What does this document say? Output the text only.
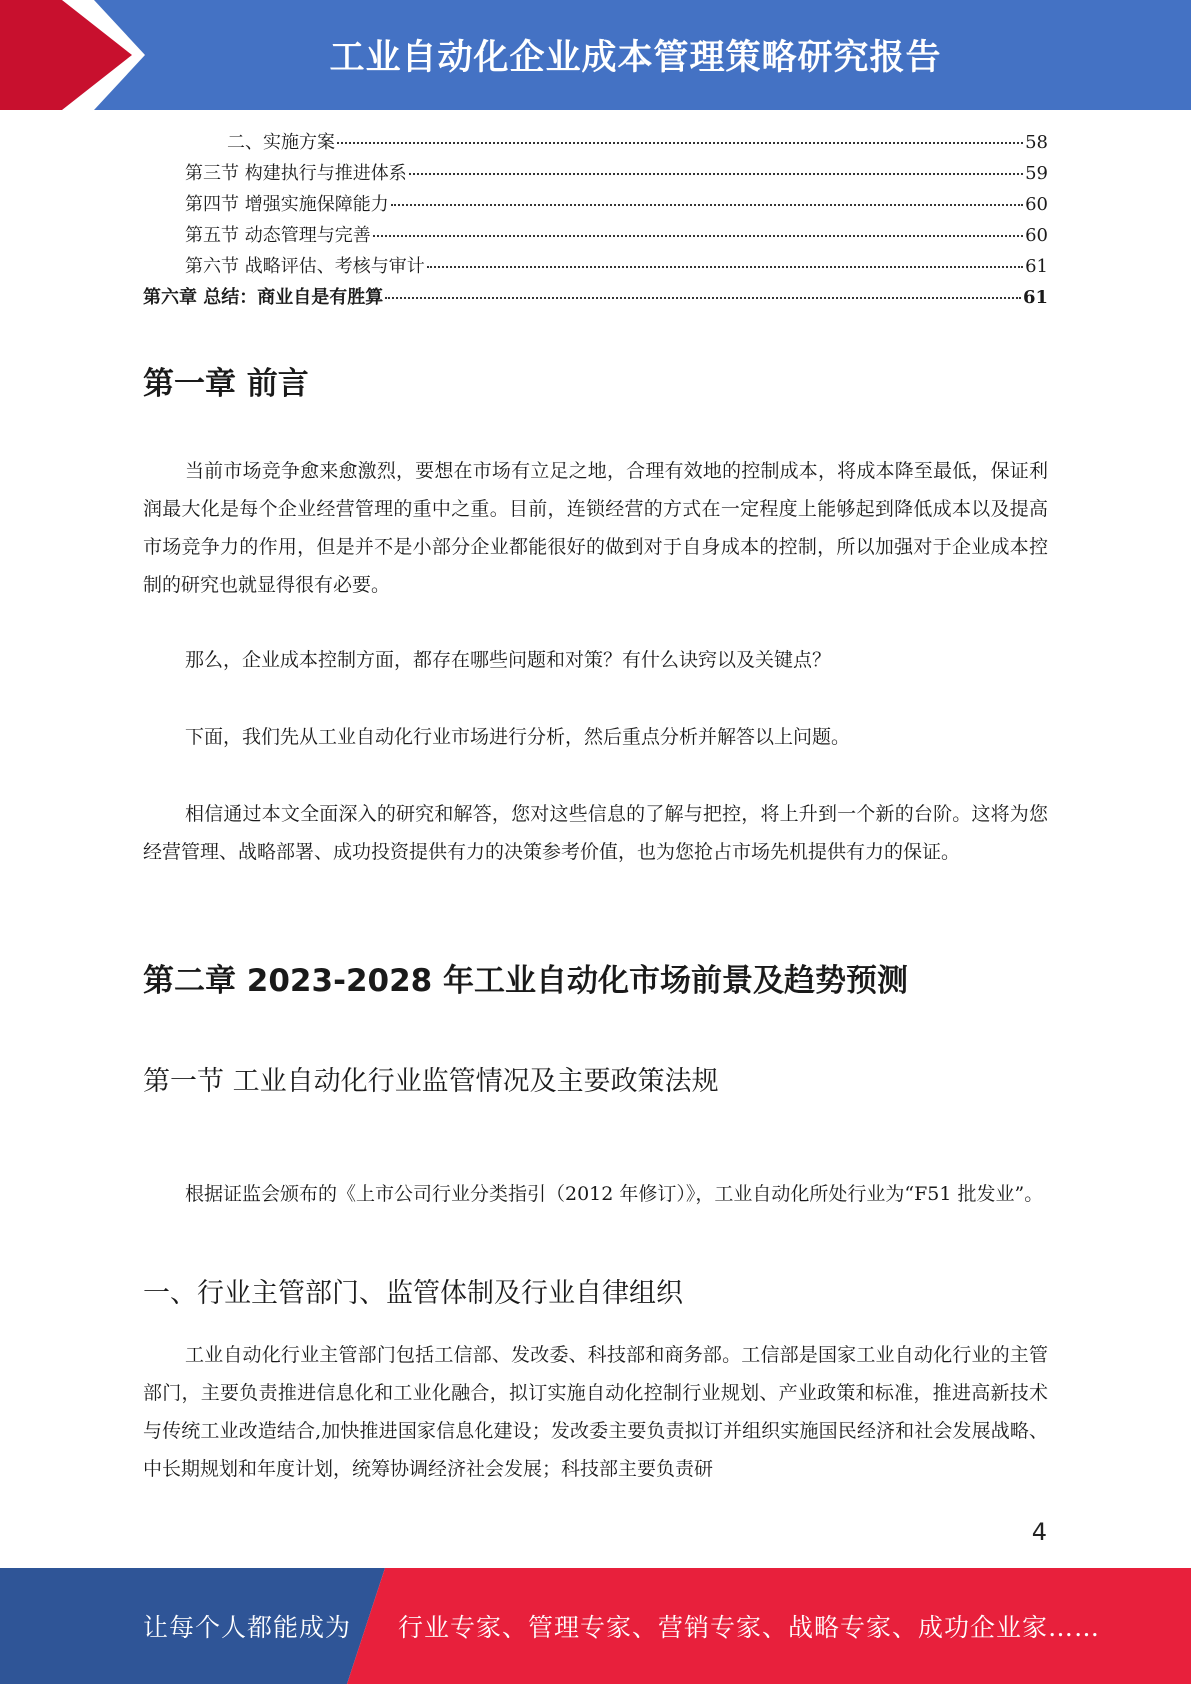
工业自动化企业成本管理策略研究报告
二、实施方案	58
第三节 构建执行与推进体系	59
第四节 增强实施保障能力	60
第五节 动态管理与完善	60
第六节 战略评估、考核与审计	61
第六章 总结：商业自是有胜算	61
第一章 前言

当前市场竞争愈来愈激烈，要想在市场有立足之地，合理有效地的控制成本，将成本降至最低，保证利润最大化是每个企业经营管理的重中之重。目前，连锁经营的方式在一定程度上能够起到降低成本以及提高市场竞争力的作用，但是并不是小部分企业都能很好的做到对于自身成本的控制，所以加强对于企业成本控制的研究也就显得很有必要。

那么，企业成本控制方面，都存在哪些问题和对策？有什么诀窍以及关键点？

下面，我们先从工业自动化行业市场进行分析，然后重点分析并解答以上问题。

相信通过本文全面深入的研究和解答，您对这些信息的了解与把控，将上升到一个新的台阶。这将为您经营管理、战略部署、成功投资提供有力的决策参考价值，也为您抢占市场先机提供有力的保证。

第二章 2023-2028 年工业自动化市场前景及趋势预测
第一节 工业自动化行业监管情况及主要政策法规

根据证监会颁布的《上市公司行业分类指引（2012 年修订）》，工业自动化所处行业为“F51 批发业”。

一、行业主管部门、监管体制及行业自律组织

工业自动化行业主管部门包括工信部、发改委、科技部和商务部。工信部是国家工业自动化行业的主管部门，主要负责推进信息化和工业化融合，拟订实施自动化控制行业规划、产业政策和标准，推进高新技术与传统工业改造结合,加快推进国家信息化建设；发改委主要负责拟订并组织实施国民经济和社会发展战略、中长期规划和年度计划，统筹协调经济社会发展；科技部主要负责研

4
让每个人都能成为 行业专家、管理专家、营销专家、战略专家、成功企业家……
